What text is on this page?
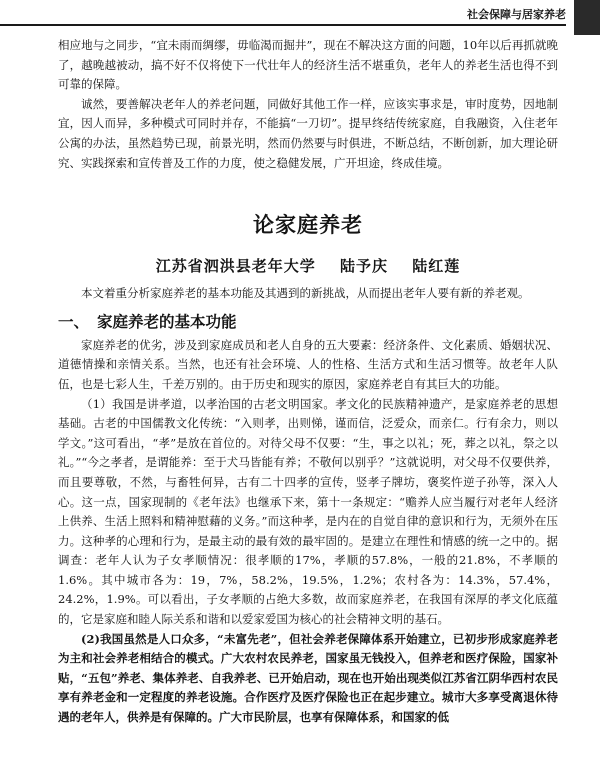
社会保障与居家养老

相应地与之同步，“宜未雨而绸缪，毋临渴而掘井”，现在不解决这方面的问题，10年以后再抓就晚了，越晚越被动，搞不好不仅将使下一代壮年人的经济生活不堪重负，老年人的养老生活也得不到可靠的保障。

诚然，要善解决老年人的养老问题，同做好其他工作一样，应该实事求是，审时度势，因地制宜，因人而异，多种模式可同时并存，不能搞“一刀切”。提早终结传统家庭，自我融资，入住老年公寓的办法，虽然趋势已现，前景光明，然而仍然要与时俱进，不断总结，不断创新，加大理论研究、实践探索和宣传普及工作的力度，使之稳健发展，广开坦途，终成佳境。

论家庭养老
江苏省泗洪县老年大学 陆予庆 陆红莲

本文着重分析家庭养老的基本功能及其遇到的新挑战，从而提出老年人要有新的养老观。

一、 家庭养老的基本功能

家庭养老的优劣，涉及到家庭成员和老人自身的五大要素：经济条件、文化素质、婚姻状况、道德情操和亲情关系。当然，也还有社会环境、人的性格、生活方式和生活习惯等。故老年人队伍，也是七彩人生，千差万别的。由于历史和现实的原因，家庭养老自有其巨大的功能。

（1）我国是讲孝道，以孝治国的古老文明国家。孝文化的民族精神遗产，是家庭养老的思想基础。古老的中国儒教文化传统：“入则孝，出则悌，谨而信，泛爱众，而亲仁。行有余力，则以学文。”这可看出，“孝”是放在首位的。对待父母不仅要：“生，事之以礼；死，葬之以礼，祭之以礼。”“今之孝者，是谓能养：至于犬马皆能有养；不敬何以别乎？”这就说明，对父母不仅要供养，而且要尊敬，不然，与畜牲何异，古有二十四孝的宣传，竖孝子牌坊，褒奖忤逆子孙等，深入人心。这一点，国家现制的《老年法》也继承下来，第十一条规定：“赡养人应当履行对老年人经济上供养、生活上照料和精神慰藉的义务。”而这种孝，是内在的自觉自律的意识和行为，无须外在压力。这种孝的心理和行为，是最主动的最有效的最牢固的。是建立在理性和情感的统一之中的。据调查：老年人认为子女孝顺情况：很孝顺的17%，孝顺的57.8%，一般的21.8%，不孝顺的1.6%。其中城市各为：19，7%，58.2%，19.5%，1.2%；农村各为：14.3%，57.4%，24.2%，1.9%。可以看出，子女孝顺的占绝大多数，故而家庭养老，在我国有深厚的孝文化底蕴的，它是家庭和睦人际关系和谐和以爱家爱国为核心的社会精神文明的基石。

(2)我国虽然是人口众多，“未富先老”，但社会养老保障体系开始建立，已初步形成家庭养老为主和社会养老相结合的模式。广大农村农民养老，国家虽无钱投入，但养老和医疗保险，国家补贴，“五包”养老、集体养老、自我养老、已开始启动，现在也开始出现类似江苏省江阴华西村农民享有养老金和一定程度的养老设施。合作医疗及医疗保险也正在起步建立。城市大多享受离退休待遇的老年人，供养是有保障的。广大市民阶层，也享有保障体系，和国家的低
